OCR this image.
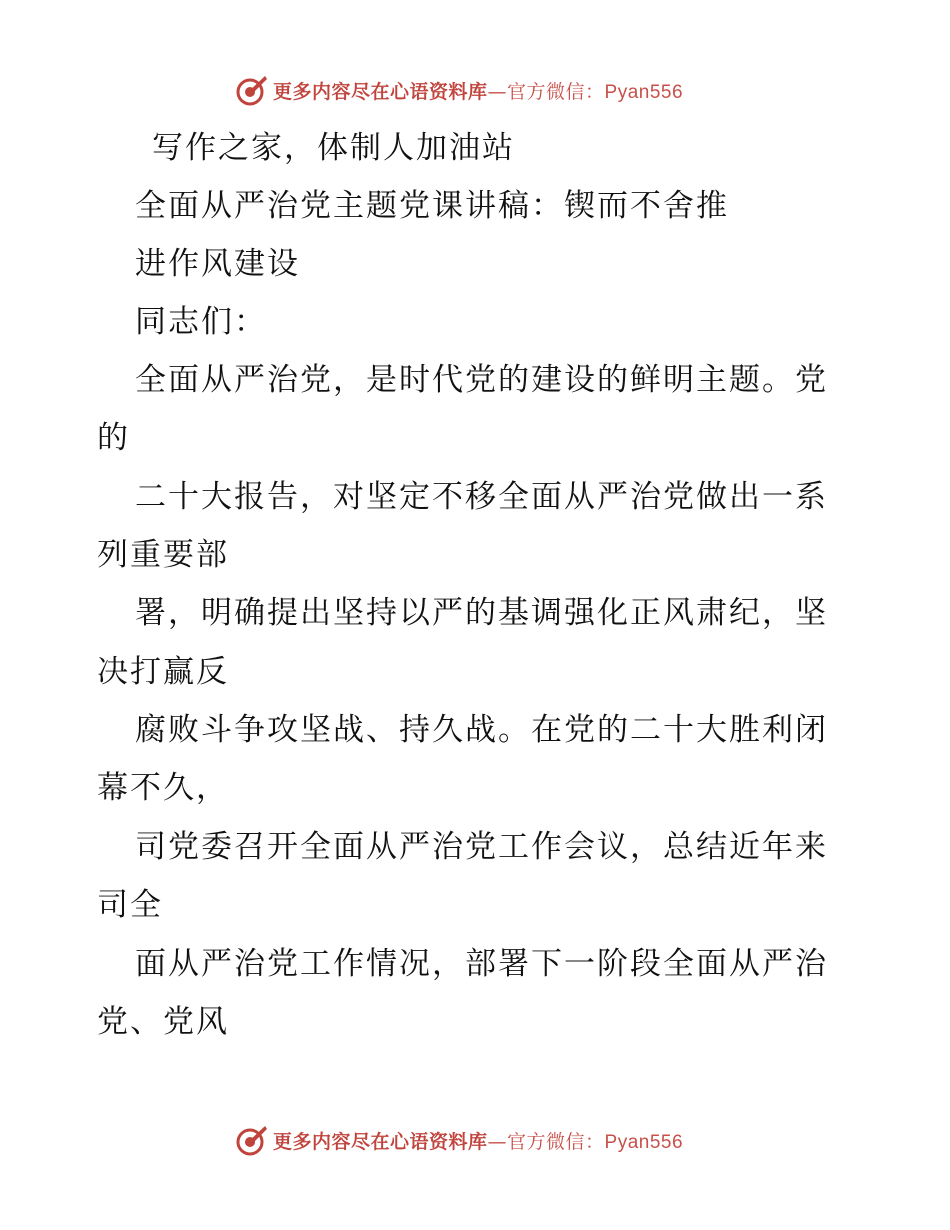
更多内容尽在心语资料库—官方微信：Pyan556
写作之家，体制人加油站
全面从严治党主题党课讲稿：锲而不舍推
进作风建设
同志们：
全面从严治党，是时代党的建设的鲜明主题。党
的
二十大报告，对坚定不移全面从严治党做出一系
列重要部
署，明确提出坚持以严的基调强化正风肃纪，坚
决打赢反
腐败斗争攻坚战、持久战。在党的二十大胜利闭
幕不久，
司党委召开全面从严治党工作会议，总结近年来
司全
面从严治党工作情况，部署下一阶段全面从严治
党、党风
更多内容尽在心语资料库—官方微信：Pyan556
